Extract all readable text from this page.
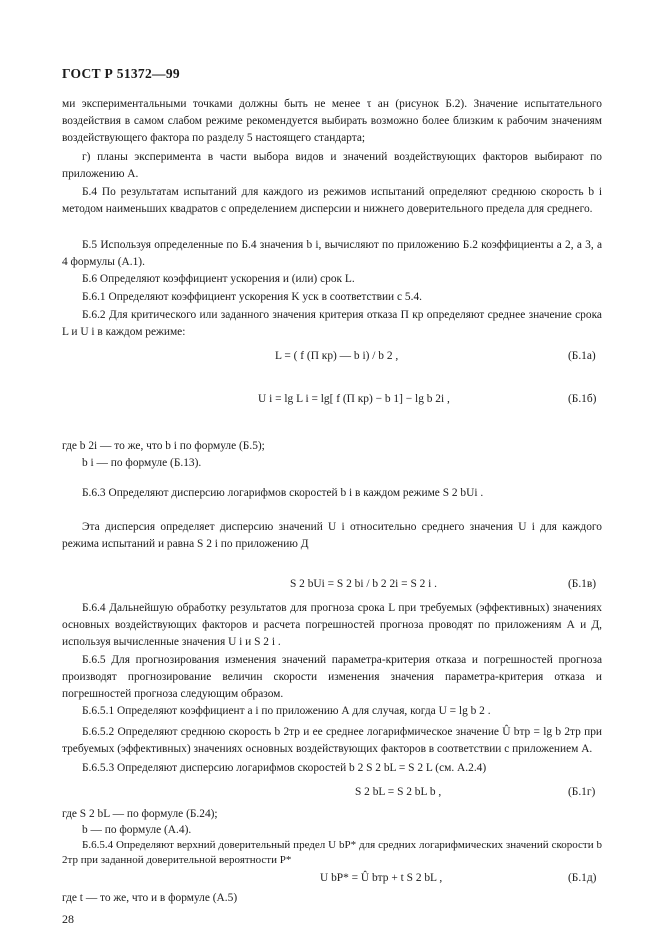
ГОСТ Р 51372—99

ми экспериментальными точками должны быть не менее τ ан (рисунок Б.2). Значение испытательного воздействия в самом слабом режиме рекомендуется выбирать возможно более близким к рабочим значениям воздействующего фактора по разделу 5 настоящего стандарта;

г) планы эксперимента в части выбора видов и значений воздействующих факторов выбирают по приложению А.

Б.4 По результатам испытаний для каждого из режимов испытаний определяют среднюю скорость b i методом наименьших квадратов с определением дисперсии и нижнего доверительного предела для среднего.

Б.5 Используя определенные по Б.4 значения b i, вычисляют по приложению Б.2 коэффициенты a 2, a 3, a 4 формулы (А.1).

Б.6 Определяют коэффициент ускорения и (или) срок L.

Б.6.1 Определяют коэффициент ускорения K уск в соответствии с 5.4.

Б.6.2 Для критического или заданного значения критерия отказа П кр определяют среднее значение срока L и U i в каждом режиме:

L = ( f (П кр) — b i) / b 2 ,	(Б.1а)
U i = lg L i = lg[ f (П кр) − b 1] − lg b 2i ,	(Б.1б)

где b 2i — то же, что b i по формуле (Б.5);

b i — по формуле (Б.13).

Б.6.3 Определяют дисперсию логарифмов скоростей b i в каждом режиме S 2 bUi .

Эта дисперсия определяет дисперсию значений U i относительно среднего значения U i для каждого режима испытаний и равна S 2 i по приложению Д

S 2 bUi = S 2 bi / b 2 2i = S 2 i .	(Б.1в)

Б.6.4 Дальнейшую обработку результатов для прогноза срока L при требуемых (эффективных) значениях основных воздействующих факторов и расчета погрешностей прогноза проводят по приложениям А и Д, используя вычисленные значения U i и S 2 i .

Б.6.5 Для прогнозирования изменения значений параметра-критерия отказа и погрешностей прогноза производят прогнозирование величин скорости изменения значения параметра-критерия отказа и погрешностей прогноза следующим образом.

Б.6.5.1 Определяют коэффициент a i по приложению А для случая, когда U = lg b 2 .

Б.6.5.2 Определяют среднюю скорость b 2тр и ее среднее логарифмическое значение Û bтр = lg b 2тр при требуемых (эффективных) значениях основных воздействующих факторов в соответствии с приложением А.

Б.6.5.3 Определяют дисперсию логарифмов скоростей b 2 S 2 bL = S 2 L (см. А.2.4)

S 2 bL = S 2 bL b ,	(Б.1г)

где S 2 bL — по формуле (Б.24);

b — по формуле (А.4).

Б.6.5.4 Определяют верхний доверительный предел U bP* для средних логарифмических значений скорости b 2тр при заданной доверительной вероятности P*

U bP* = Û bтр + t S 2 bL ,	(Б.1д)

где t — то же, что и в формуле (А.5)

28
